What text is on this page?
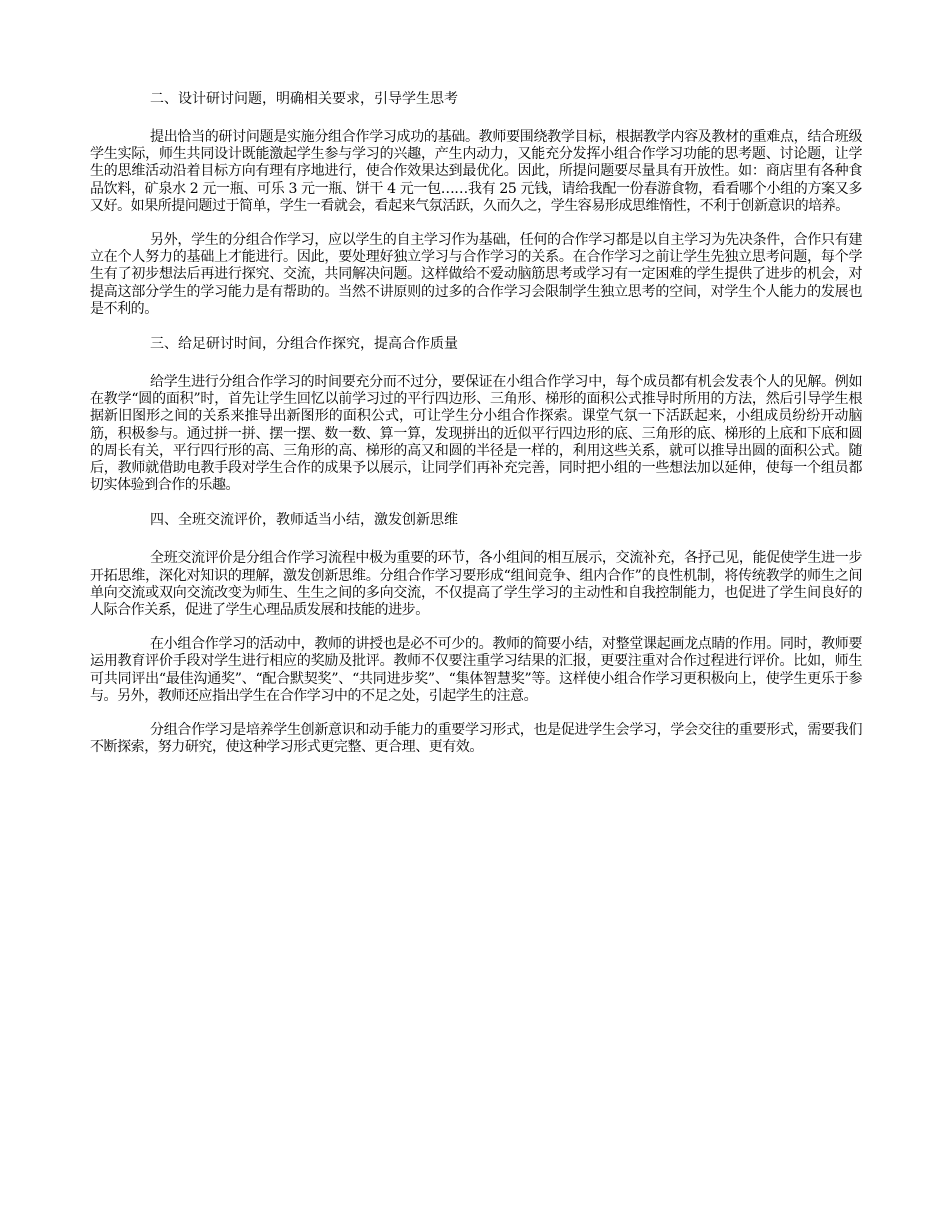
二、设计研讨问题，明确相关要求，引导学生思考

提出恰当的研讨问题是实施分组合作学习成功的基础。教师要围绕教学目标，根据教学内容及教材的重难点，结合班级学生实际，师生共同设计既能激起学生参与学习的兴趣，产生内动力，又能充分发挥小组合作学习功能的思考题、讨论题，让学生的思维活动沿着目标方向有理有序地进行，使合作效果达到最优化。因此，所提问题要尽量具有开放性。如：商店里有各种食品饮料，矿泉水 2 元一瓶、可乐 3 元一瓶、饼干 4 元一包……我有 25 元钱，请给我配一份春游食物，看看哪个小组的方案又多又好。如果所提问题过于简单，学生一看就会，看起来气氛活跃，久而久之，学生容易形成思维惰性，不利于创新意识的培养。

另外，学生的分组合作学习，应以学生的自主学习作为基础，任何的合作学习都是以自主学习为先决条件，合作只有建立在个人努力的基础上才能进行。因此，要处理好独立学习与合作学习的关系。在合作学习之前让学生先独立思考问题，每个学生有了初步想法后再进行探究、交流，共同解决问题。这样做给不爱动脑筋思考或学习有一定困难的学生提供了进步的机会，对提高这部分学生的学习能力是有帮助的。当然不讲原则的过多的合作学习会限制学生独立思考的空间，对学生个人能力的发展也是不利的。

三、给足研讨时间，分组合作探究，提高合作质量

给学生进行分组合作学习的时间要充分而不过分，要保证在小组合作学习中，每个成员都有机会发表个人的见解。例如在教学“圆的面积”时，首先让学生回忆以前学习过的平行四边形、三角形、梯形的面积公式推导时所用的方法，然后引导学生根据新旧图形之间的关系来推导出新图形的面积公式，可让学生分小组合作探索。课堂气氛一下活跃起来，小组成员纷纷开动脑筋，积极参与。通过拼一拼、摆一摆、数一数、算一算，发现拼出的近似平行四边形的底、三角形的底、梯形的上底和下底和圆的周长有关，平行四行形的高、三角形的高、梯形的高又和圆的半径是一样的，利用这些关系，就可以推导出圆的面积公式。随后，教师就借助电教手段对学生合作的成果予以展示，让同学们再补充完善，同时把小组的一些想法加以延伸，使每一个组员都切实体验到合作的乐趣。

四、全班交流评价，教师适当小结，激发创新思维

全班交流评价是分组合作学习流程中极为重要的环节，各小组间的相互展示，交流补充，各抒己见，能促使学生进一步开拓思维，深化对知识的理解，激发创新思维。分组合作学习要形成“组间竞争、组内合作”的良性机制，将传统教学的师生之间单向交流或双向交流改变为师生、生生之间的多向交流，不仅提高了学生学习的主动性和自我控制能力，也促进了学生间良好的人际合作关系，促进了学生心理品质发展和技能的进步。

在小组合作学习的活动中，教师的讲授也是必不可少的。教师的简要小结，对整堂课起画龙点睛的作用。同时，教师要运用教育评价手段对学生进行相应的奖励及批评。教师不仅要注重学习结果的汇报，更要注重对合作过程进行评价。比如，师生可共同评出“最佳沟通奖”、“配合默契奖”、“共同进步奖”、“集体智慧奖”等。这样使小组合作学习更积极向上，使学生更乐于参与。另外，教师还应指出学生在合作学习中的不足之处，引起学生的注意。

分组合作学习是培养学生创新意识和动手能力的重要学习形式，也是促进学生会学习，学会交往的重要形式，需要我们不断探索，努力研究，使这种学习形式更完整、更合理、更有效。
